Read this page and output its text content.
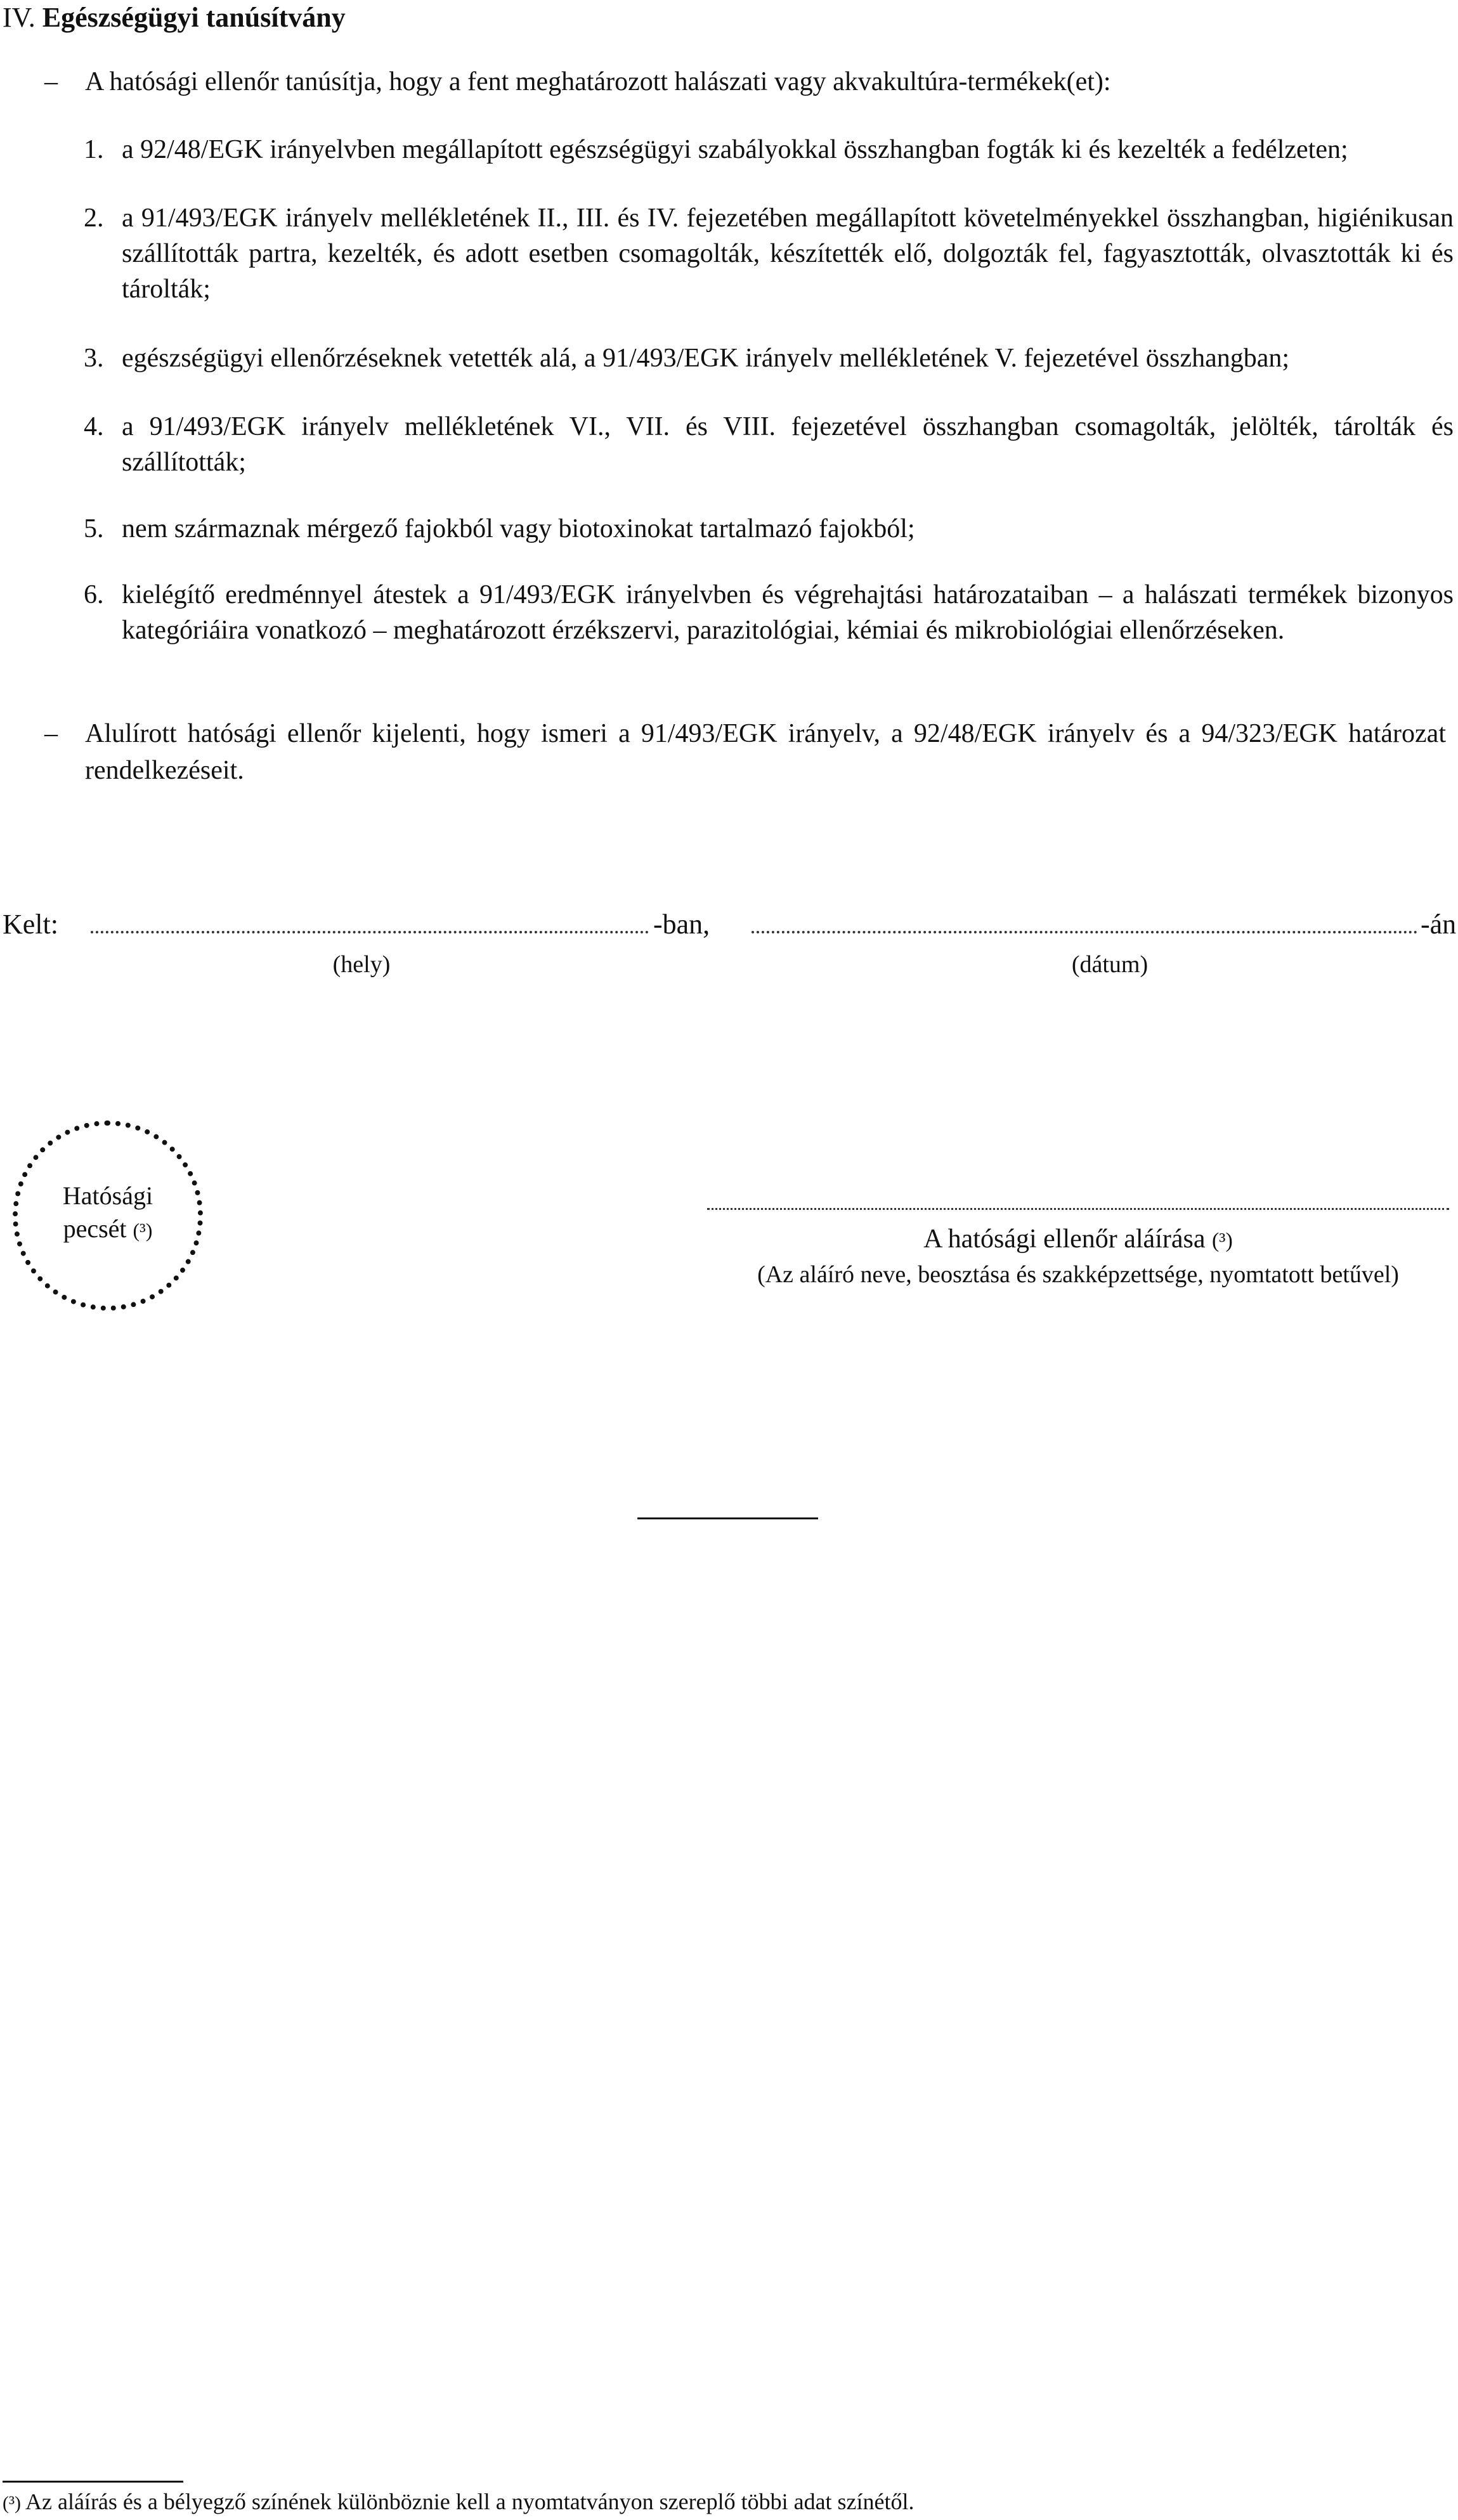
IV. Egészségügyi tanúsítvány
– A hatósági ellenőr tanúsítja, hogy a fent meghatározott halászati vagy akvakultúra-termékek(et):
1. a 92/48/EGK irányelvben megállapított egészségügyi szabályokkal összhangban fogták ki és kezelték a fedélzeten;
2. a 91/493/EGK irányelv mellékletének II., III. és IV. fejezetében megállapított követelményekkel összhangban, higiénikusan szállították partra, kezelték, és adott esetben csomagolták, készítették elő, dolgozták fel, fagyasztották, olvasztották ki és tárolták;
3. egészségügyi ellenőrzéseknek vetették alá, a 91/493/EGK irányelv mellékletének V. fejezetével összhangban;
4. a 91/493/EGK irányelv mellékletének VI., VII. és VIII. fejezetével összhangban csomagolták, jelölték, tárolták és szállították;
5. nem származnak mérgező fajokból vagy biotoxinokat tartalmazó fajokból;
6. kielégítő eredménnyel átestek a 91/493/EGK irányelvben és végrehajtási határozataiban – a halászati termékek bizonyos kategóriáira vonatkozó – meghatározott érzékszervi, parazitológiai, kémiai és mikrobiológiai ellenőrzéseken.
– Alulírott hatósági ellenőr kijelenti, hogy ismeri a 91/493/EGK irányelv, a 92/48/EGK irányelv és a 94/323/EGK határozat rendelkezéseit.
Kelt:	-ban,	-án
(hely)	(dátum)
Hatósági
pecsét (³)	A hatósági ellenőr aláírása (³)
(Az aláíró neve, beosztása és szakképzettsége, nyomtatott betűvel)
(³) Az aláírás és a bélyegző színének különböznie kell a nyomtatványon szereplő többi adat színétől.
